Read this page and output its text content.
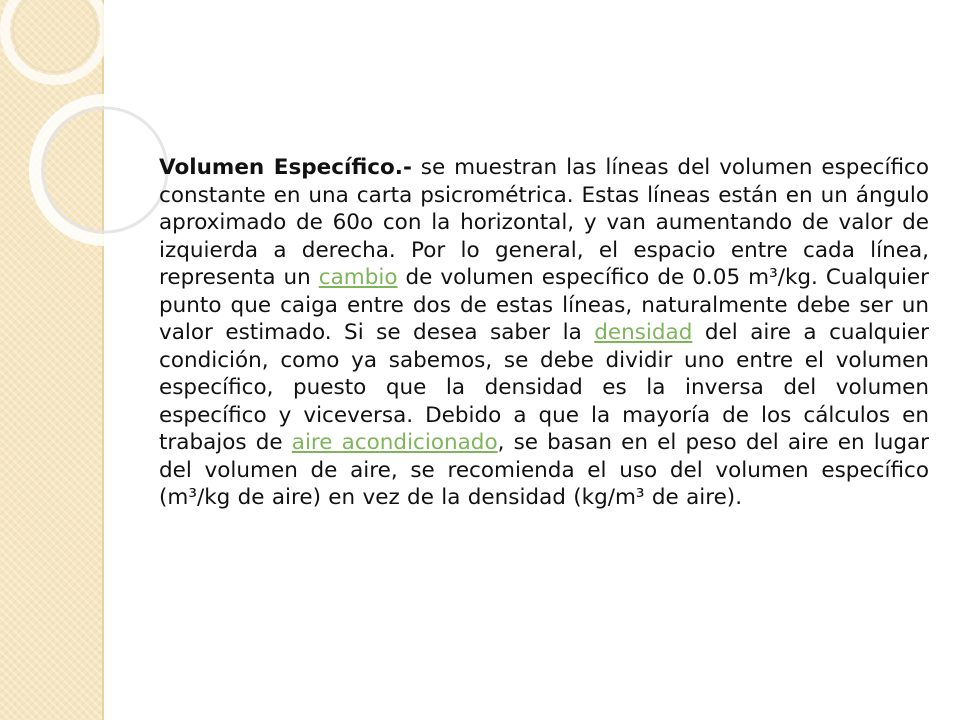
Volumen Específico.- se muestran las líneas del volumen específico constante en una carta psicrométrica. Estas líneas están en un ángulo aproximado de 60o con la horizontal, y van aumentando de valor de izquierda a derecha. Por lo general, el espacio entre cada línea, representa un cambio de volumen específico de 0.05 m³/kg. Cualquier punto que caiga entre dos de estas líneas, naturalmente debe ser un valor estimado. Si se desea saber la densidad del aire a cualquier condición, como ya sabemos, se debe dividir uno entre el volumen específico, puesto que la densidad es la inversa del volumen específico y viceversa. Debido a que la mayoría de los cálculos en trabajos de aire acondicionado, se basan en el peso del aire en lugar del volumen de aire, se recomienda el uso del volumen específico (m³/kg de aire) en vez de la densidad (kg/m³ de aire).
